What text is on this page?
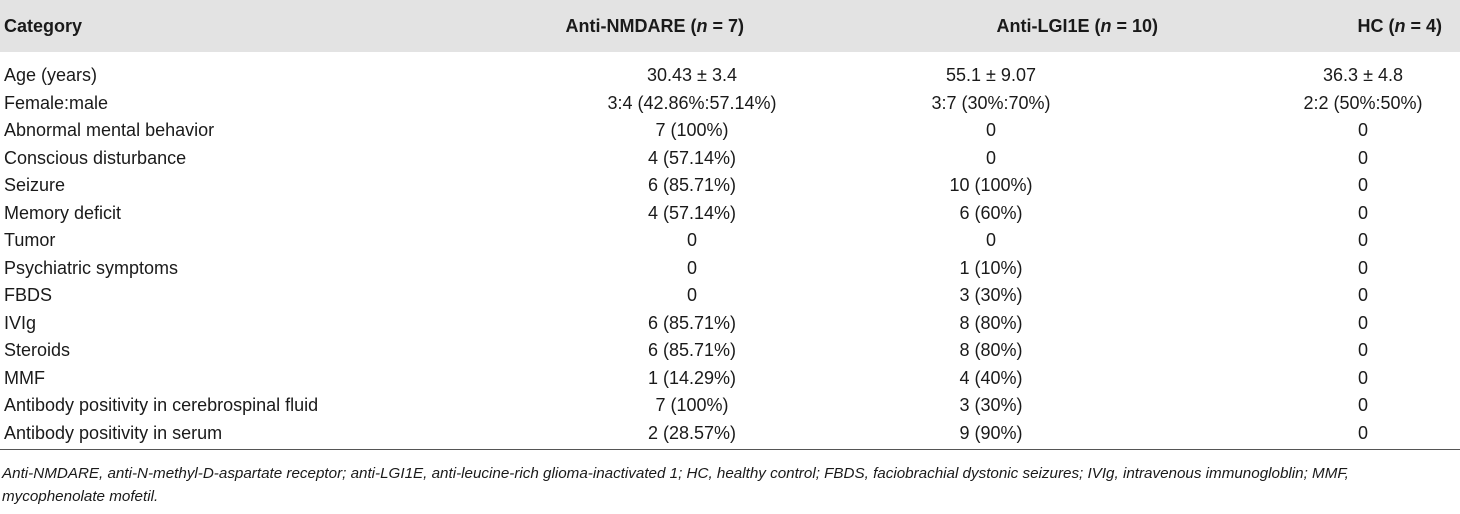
Category	Anti-NMDARE (n = 7)	Anti-LGI1E (n = 10)	HC (n = 4)

Age (years)	30.43 ± 3.4	55.1 ± 9.07	36.3 ± 4.8
Female:male	3:4 (42.86%:57.14%)	3:7 (30%:70%)	2:2 (50%:50%)
Abnormal mental behavior	7 (100%)	0	0
Conscious disturbance	4 (57.14%)	0	0
Seizure	6 (85.71%)	10 (100%)	0
Memory deficit	4 (57.14%)	6 (60%)	0
Tumor	0	0	0
Psychiatric symptoms	0	1 (10%)	0
FBDS	0	3 (30%)	0
IVIg	6 (85.71%)	8 (80%)	0
Steroids	6 (85.71%)	8 (80%)	0
MMF	1 (14.29%)	4 (40%)	0
Antibody positivity in cerebrospinal fluid	7 (100%)	3 (30%)	0
Antibody positivity in serum	2 (28.57%)	9 (90%)	0
Anti-NMDARE, anti-N-methyl-D-aspartate receptor; anti-LGI1E, anti-leucine-rich glioma-inactivated 1; HC, healthy control; FBDS, faciobrachial dystonic seizures; IVIg, intravenous immunogloblin; MMF, mycophenolate mofetil.
